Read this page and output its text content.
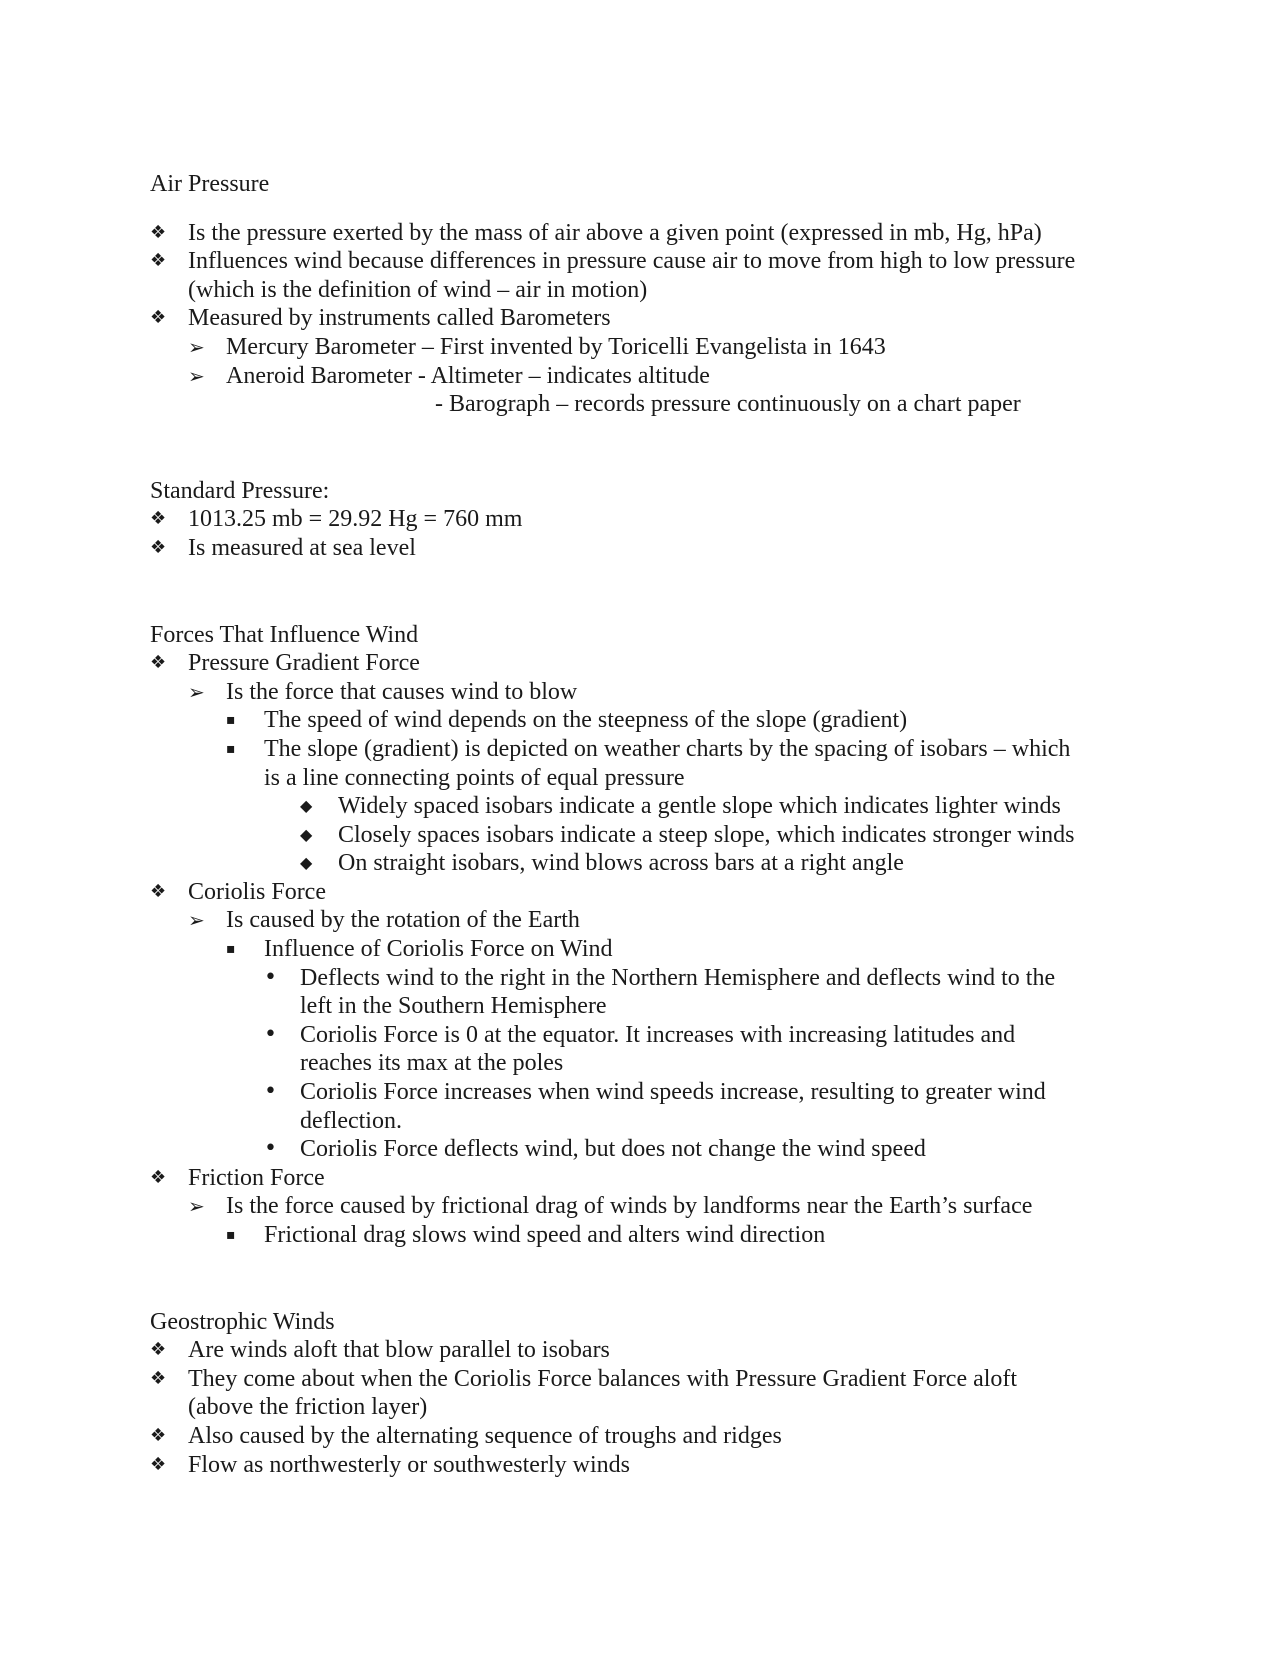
Air Pressure
❖ Is the pressure exerted by the mass of air above a given point (expressed in mb, Hg, hPa)
❖ Influences wind because differences in pressure cause air to move from high to low pressure
(which is the definition of wind – air in motion)
❖ Measured by instruments called Barometers
➢ Mercury Barometer – First invented by Toricelli Evangelista in 1643
➢ Aneroid Barometer - Altimeter – indicates altitude
- Barograph – records pressure continuously on a chart paper
Standard Pressure:
❖ 1013.25 mb = 29.92 Hg = 760 mm
❖ Is measured at sea level
Forces That Influence Wind
❖ Pressure Gradient Force
➢ Is the force that causes wind to blow
▪	The speed of wind depends on the steepness of the slope (gradient)
▪	The slope (gradient) is depicted on weather charts by the spacing of isobars – which
is a line connecting points of equal pressure
◆	Widely spaced isobars indicate a gentle slope which indicates lighter winds
◆	Closely spaces isobars indicate a steep slope, which indicates stronger winds
◆	On straight isobars, wind blows across bars at a right angle
❖ Coriolis Force
➢ Is caused by the rotation of the Earth
▪	Influence of Coriolis Force on Wind
• Deflects wind to the right in the Northern Hemisphere and deflects wind to the
left in the Southern Hemisphere
• Coriolis Force is 0 at the equator. It increases with increasing latitudes and
reaches its max at the poles
• Coriolis Force increases when wind speeds increase, resulting to greater wind
deflection.
• Coriolis Force deflects wind, but does not change the wind speed
❖ Friction Force
➢ Is the force caused by frictional drag of winds by landforms near the Earth’s surface
▪	Frictional drag slows wind speed and alters wind direction
Geostrophic Winds
❖ Are winds aloft that blow parallel to isobars
❖ They come about when the Coriolis Force balances with Pressure Gradient Force aloft
(above the friction layer)
❖ Also caused by the alternating sequence of troughs and ridges
❖ Flow as northwesterly or southwesterly winds
